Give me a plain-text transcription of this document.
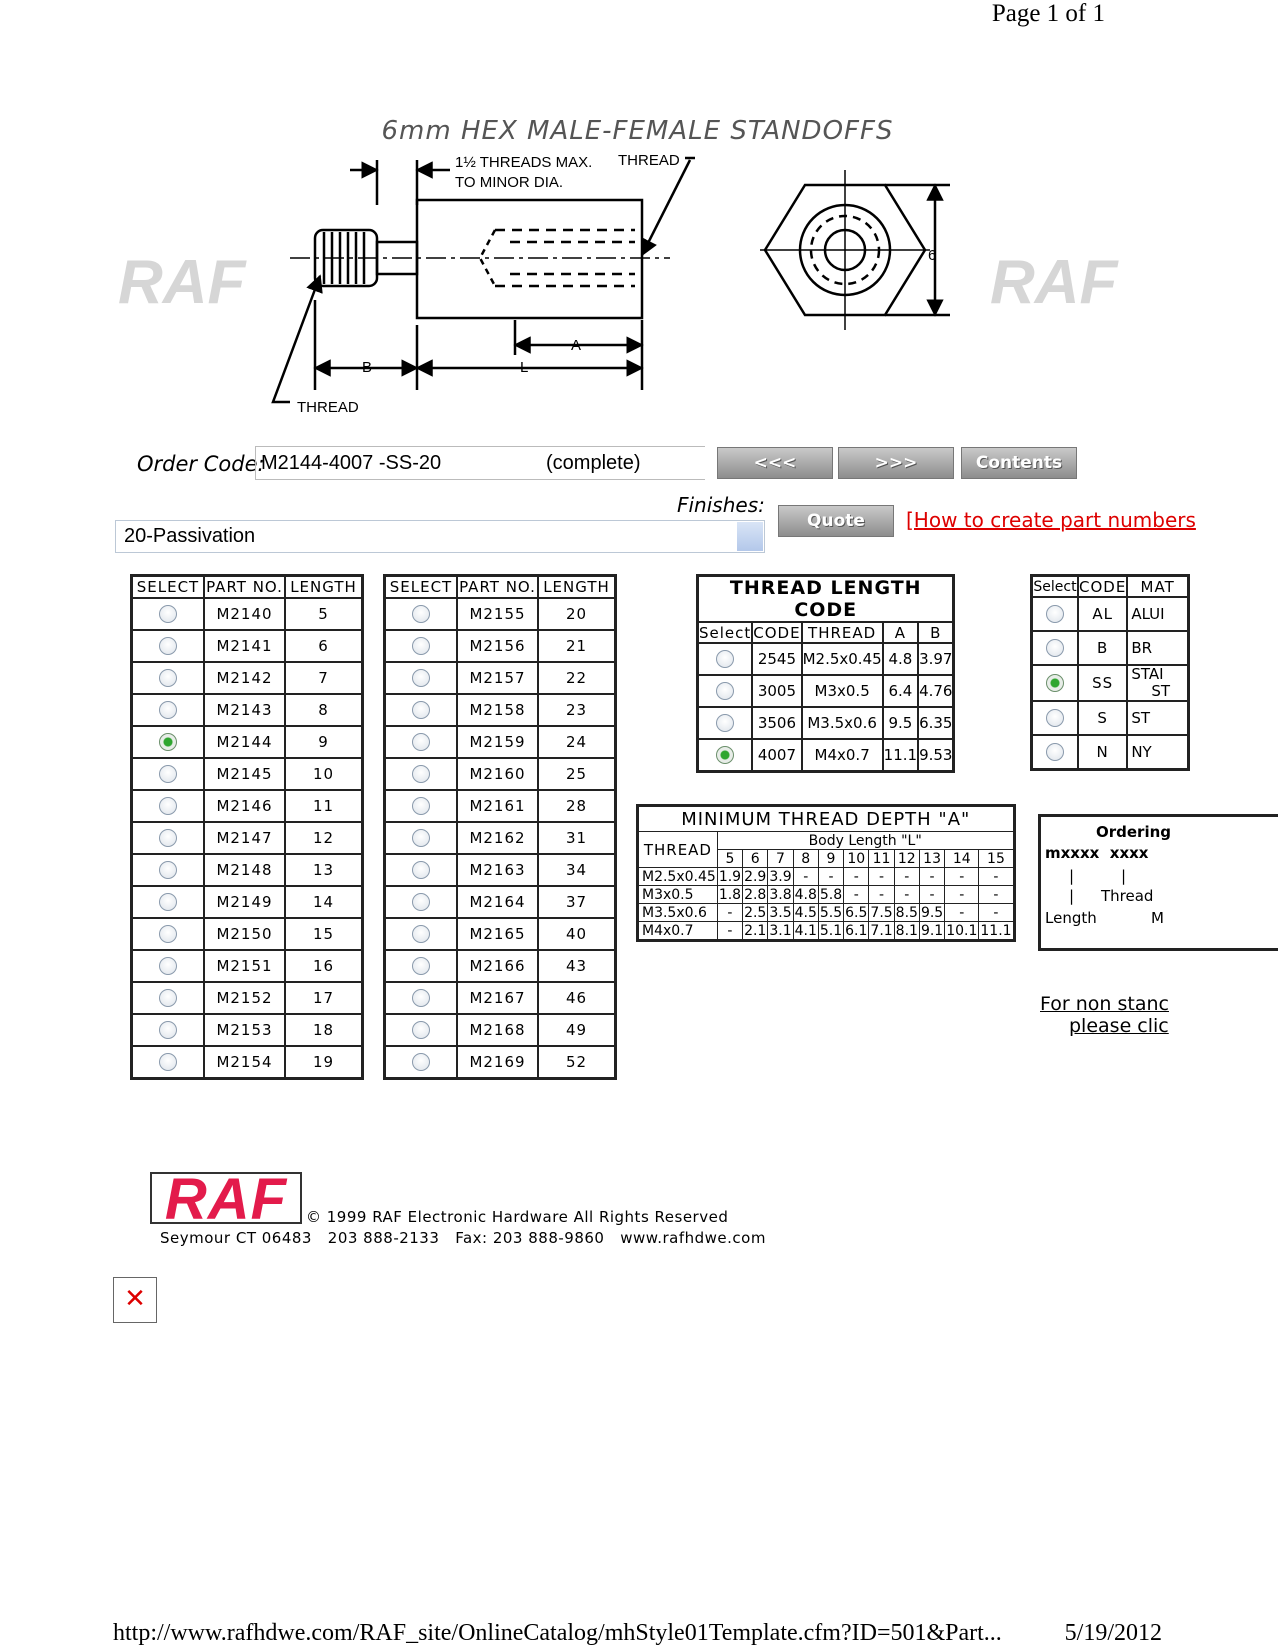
Page 1 of 1
6mm HEX MALE-FEMALE STANDOFFS
RAF	RAF
1½ THREADS MAX.
TO MINOR DIA.
THREAD
THREAD
A
B	L
6
Order Code:
M2144-4007 -SS-20	(complete)	<<<	>>>	Contents
Finishes:
20-Passivation
Quote	[How to create part numbers
SELECT	PART NO.	LENGTH
	M2140	5
	M2141	6
	M2142	7
	M2143	8
	M2144	9
	M2145	10
	M2146	11
	M2147	12
	M2148	13
	M2149	14
	M2150	15
	M2151	16
	M2152	17
	M2153	18
	M2154	19
SELECT	PART NO.	LENGTH
	M2155	20
	M2156	21
	M2157	22
	M2158	23
	M2159	24
	M2160	25
	M2161	28
	M2162	31
	M2163	34
	M2164	37
	M2165	40
	M2166	43
	M2167	46
	M2168	49
	M2169	52
THREAD LENGTH CODE				
Select	CODE	THREAD	A	B
	2545	M2.5x0.45	4.8	3.97
	3005	M3x0.5	6.4	4.76
	3506	M3.5x0.6	9.5	6.35
	4007	M4x0.7	11.1	9.53
Select	CODE	MAT
	AL	ALUI

	B	BR

	SS	STAI
ST

	S	ST

	N	NY
MINIMUM THREAD DEPTH "A"											
THREAD	Body Length "L"										
	5	6	7	8	9	10	11	12	13	14	15
M2.5x0.45	1.9	2.9	3.9	-	-	-	-	-	-	-	-
M3x0.5	1.8	2.8	3.8	4.8	5.8	-	-	-	-	-	-
M3.5x0.6	-	2.5	3.5	4.5	5.5	6.5	7.5	8.5	9.5	-	-
M4x0.7	-	2.1	3.1	4.1	5.1	6.1	7.1	8.1	9.1	10.1	11.1
Ordering
mxxxx  xxxx
|	|
| Thread
Length	M
For non stanc
please clic
RAF	© 1999 RAF Electronic Hardware All Rights Reserved
Seymour CT 06483   203 888-2133   Fax: 203 888-9860   www.rafhdwe.com
✕
http://www.rafhdwe.com/RAF_site/OnlineCatalog/mhStyle01Template.cfm?ID=501&Part...	5/19/2012
